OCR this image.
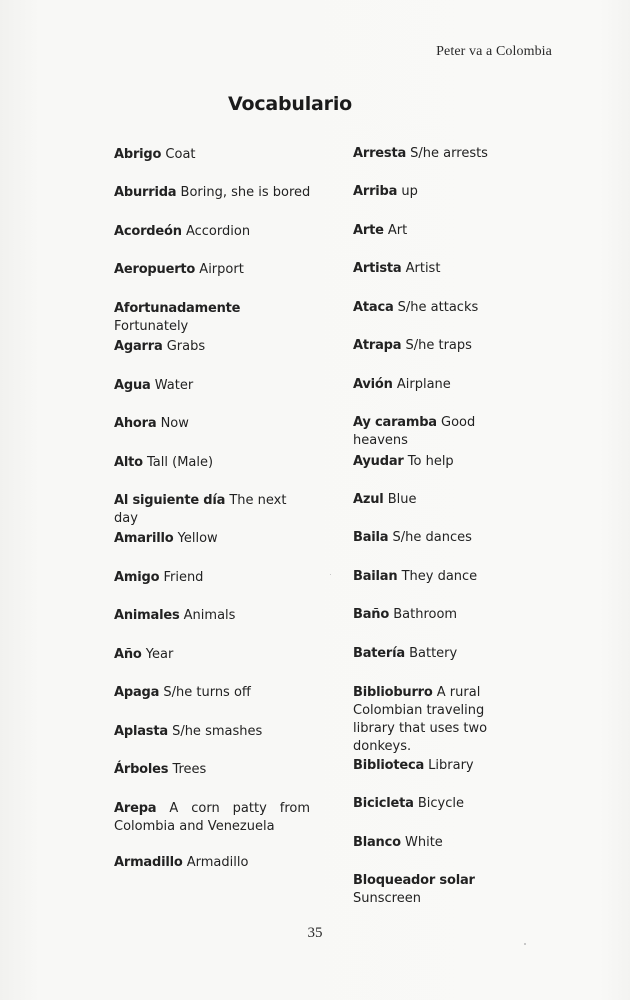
Peter va a Colombia
Vocabulario

Abrigo Coat

Aburrida Boring, she is bored

Acordeón Accordion

Aeropuerto Airport

Afortunadamente Fortunately

Agarra Grabs

Agua Water

Ahora Now

Alto Tall (Male)

Al siguiente día The next day

Amarillo Yellow

Amigo Friend

Animales Animals

Año Year

Apaga S/he turns off

Aplasta S/he smashes

Árboles Trees

Arepa A corn patty from Colombia and Venezuela

Armadillo Armadillo

Arresta S/he arrests

Arriba up

Arte Art

Artista Artist

Ataca S/he attacks

Atrapa S/he traps

Avión Airplane

Ay caramba Good heavens

Ayudar To help

Azul Blue

Baila S/he dances

Bailan They dance

Baño Bathroom

Batería Battery

Biblioburro A rural Colombian traveling library that uses two donkeys.

Biblioteca Library

Bicicleta Bicycle

Blanco White

Bloqueador solar Sunscreen

35
